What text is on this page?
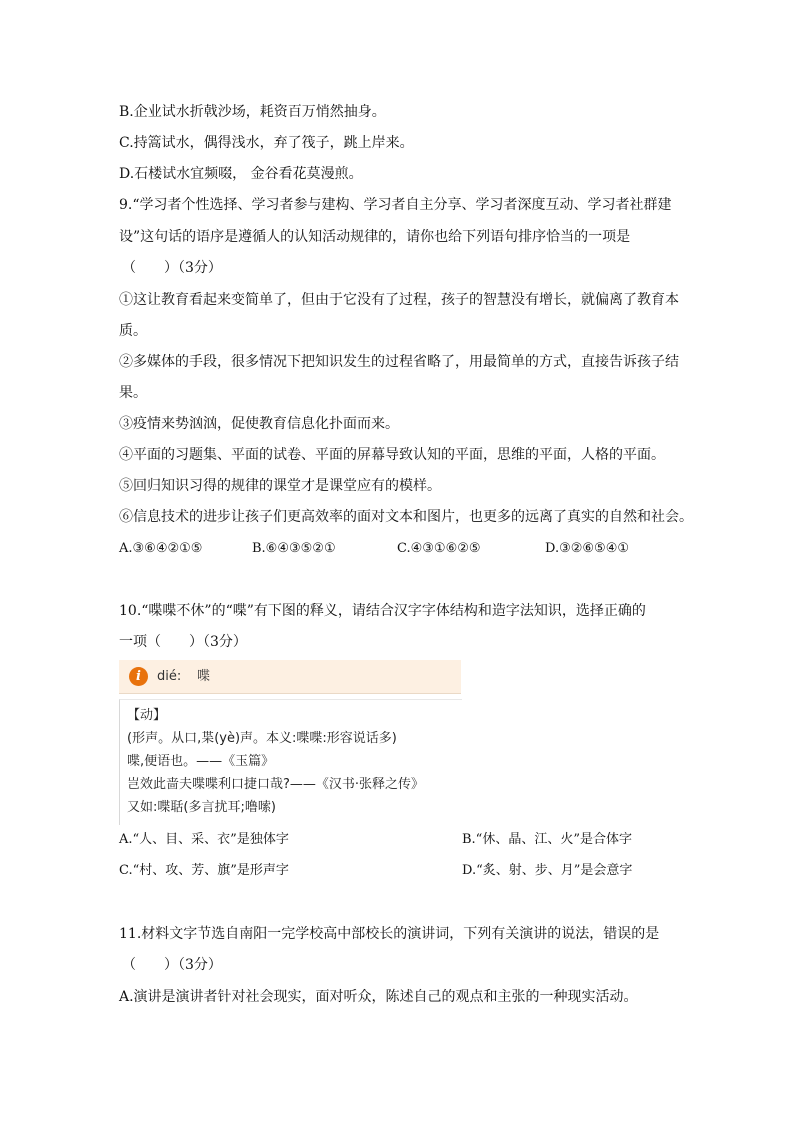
B.企业试水折戟沙场，耗资百万悄然抽身。
C.持篙试水，偶得浅水，弃了筏子，跳上岸来。
D.石楼试水宜频啜， 金谷看花莫漫煎。
9.“学习者个性选择、学习者参与建构、学习者自主分享、学习者深度互动、学习者社群建
设”这句话的语序是遵循人的认知活动规律的，请你也给下列语句排序恰当的一项是
（　　）（3分）
①这让教育看起来变简单了，但由于它没有了过程，孩子的智慧没有增长，就偏离了教育本
质。
②多媒体的手段，很多情况下把知识发生的过程省略了，用最简单的方式，直接告诉孩子结
果。
③疫情来势汹汹，促使教育信息化扑面而来。
④平面的习题集、平面的试卷、平面的屏幕导致认知的平面，思维的平面，人格的平面。
⑤回归知识习得的规律的课堂才是课堂应有的模样。
⑥信息技术的进步让孩子们更高效率的面对文本和图片，也更多的远离了真实的自然和社会。
A.③⑥④②①⑤	B.⑥④③⑤②①	C.④③①⑥②⑤	D.③②⑥⑤④①
10.“喋喋不休”的“喋”有下图的释义，请结合汉字字体结构和造字法知识，选择正确的
一项（　　）（3分）
i	dié: 喋
【动】
(形声。从口,枼(yè)声。本义:喋喋:形容说话多)
喋,便语也。——《玉篇》
岂效此啬夫喋喋利口捷口哉?——《汉书·张释之传》
又如:喋聒(多言扰耳;噜嗦)
A.“人、目、采、衣”是独体字	B.“休、晶、江、火”是合体字
C.“村、攻、芳、旗”是形声字	D.“炙、射、步、月”是会意字
11.材料文字节选自南阳一完学校高中部校长的演讲词，下列有关演讲的说法，错误的是
（　　）（3分）
A.演讲是演讲者针对社会现实，面对听众，陈述自己的观点和主张的一种现实活动。
